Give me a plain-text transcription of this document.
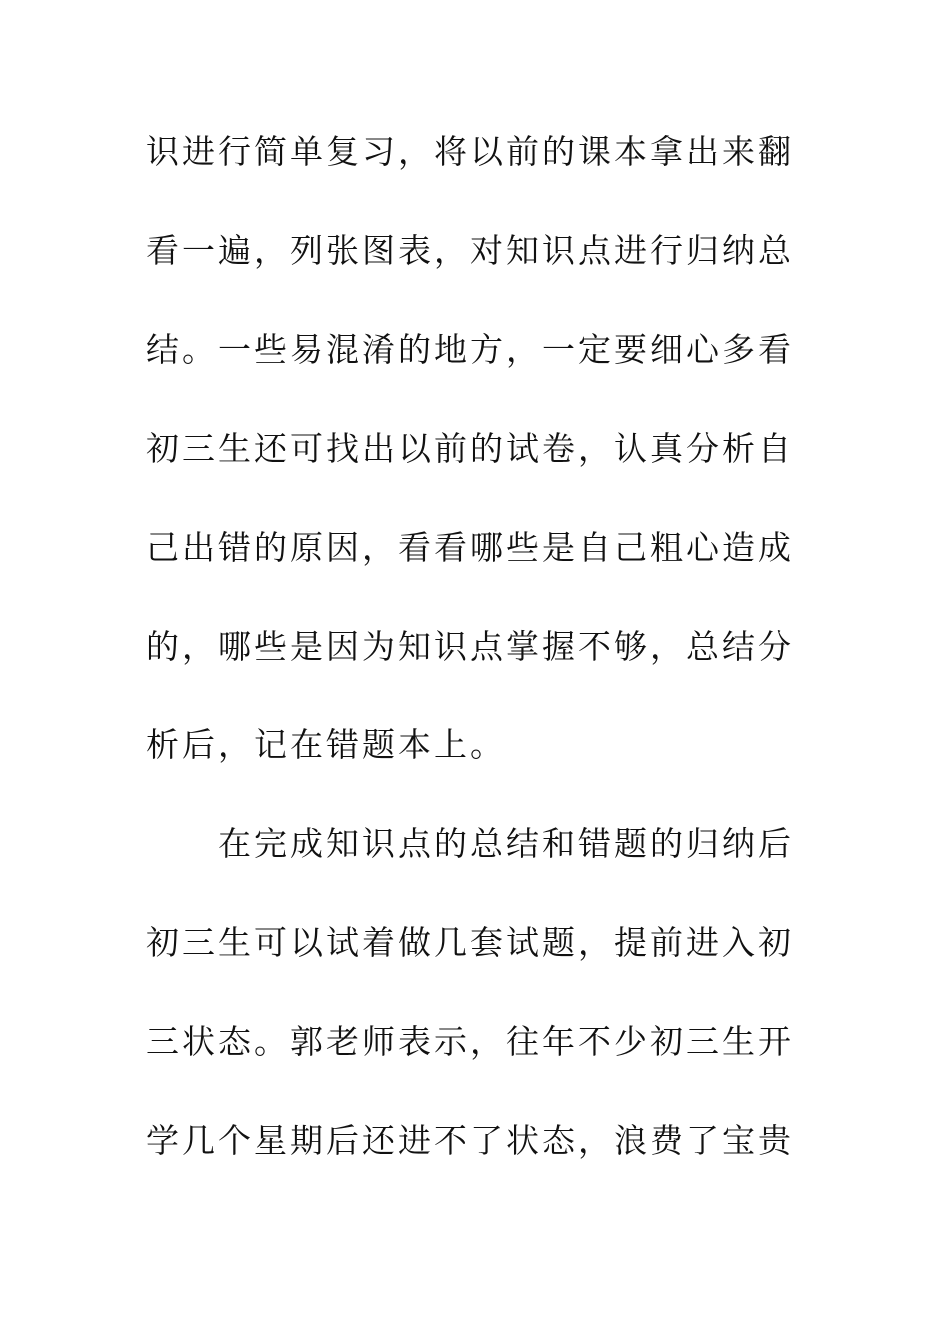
识进行简单复习，将以前的课本拿出来翻
看一遍，列张图表，对知识点进行归纳总
结。一些易混淆的地方，一定要细心多看
初三生还可找出以前的试卷，认真分析自
己出错的原因，看看哪些是自己粗心造成
的，哪些是因为知识点掌握不够，总结分
析后，记在错题本上。
在完成知识点的总结和错题的归纳后
初三生可以试着做几套试题，提前进入初
三状态。郭老师表示，往年不少初三生开
学几个星期后还进不了状态，浪费了宝贵
